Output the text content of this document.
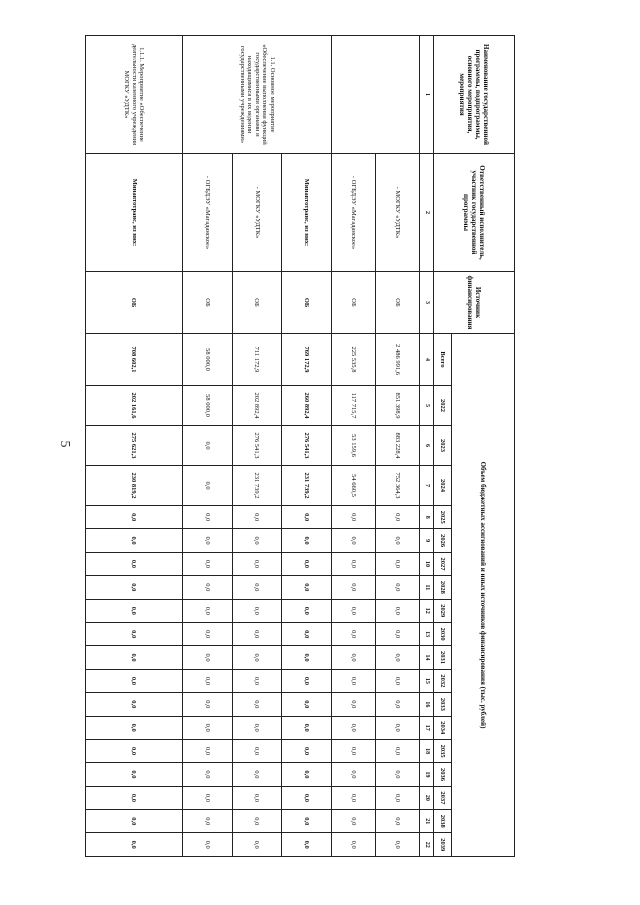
5
Наименование государственной программы, подпрограммы, основного мероприятия, мероприятия	Ответственный исполнитель, участник государственной программы	Источник финансирования	Объем бюджетных ассигнований и иных источников финансирования (тыс. рублей)																		
			Всего	2022	2023	2024	2025	2026	2027	2028	2029	2030	2031	2032	2033	2034	2035	2036	2037	2038	2039
1	2	3	4	5	6	7	8	9	10	11	12	13	14	15	16	17	18	19	20	21	22
	- МОГКУ «УДТК»	ОБ	2 486 991,6	851 398,9	883 228,4	752 364,3	0,0	0,0	0,0	0,0	0,0	0,0	0,0	0,0	0,0	0,0	0,0	0,0	0,0	0,0	0,0
	- ОГБДЭУ «Магаданское»	ОБ	225 535,8	117 715,7	53 159,6	54 660,5	0,0	0,0	0,0	0,0	0,0	0,0	0,0	0,0	0,0	0,0	0,0	0,0	0,0	0,0	0,0
1.1. Основное мероприятие «Обеспечение выполнения функций государственными органами и находящимися в их ведении государственными учреждениями»	Минавтотранс, из них:	ОБ	769 172,9	260 892,4	276 541,3	231 739,2	0,0	0,0	0,0	0,0	0,0	0,0	0,0	0,0	0,0	0,0	0,0	0,0	0,0	0,0	0,0
	- МОГКУ «УДТК»	ОБ	711 172,9	202 892,4	276 541,3	231 739,2	0,0	0,0	0,0	0,0	0,0	0,0	0,0	0,0	0,0	0,0	0,0	0,0	0,0	0,0	0,0
	- ОГБДЭУ «Магаданское»	ОБ	58 000,0	58 000,0	0,0	0,0	0,0	0,0	0,0	0,0	0,0	0,0	0,0	0,0	0,0	0,0	0,0	0,0	0,0	0,0	0,0
1.1.1. Мероприятие «Обеспечение деятельности казенного учреждения МОГКУ «УДТК»	Минавтотранс, из них:	ОБ	708 602,1	202 161,6	275 621,3	230 819,2	0,0	0,0	0,0	0,0	0,0	0,0	0,0	0,0	0,0	0,0	0,0	0,0	0,0	0,0	0,0
